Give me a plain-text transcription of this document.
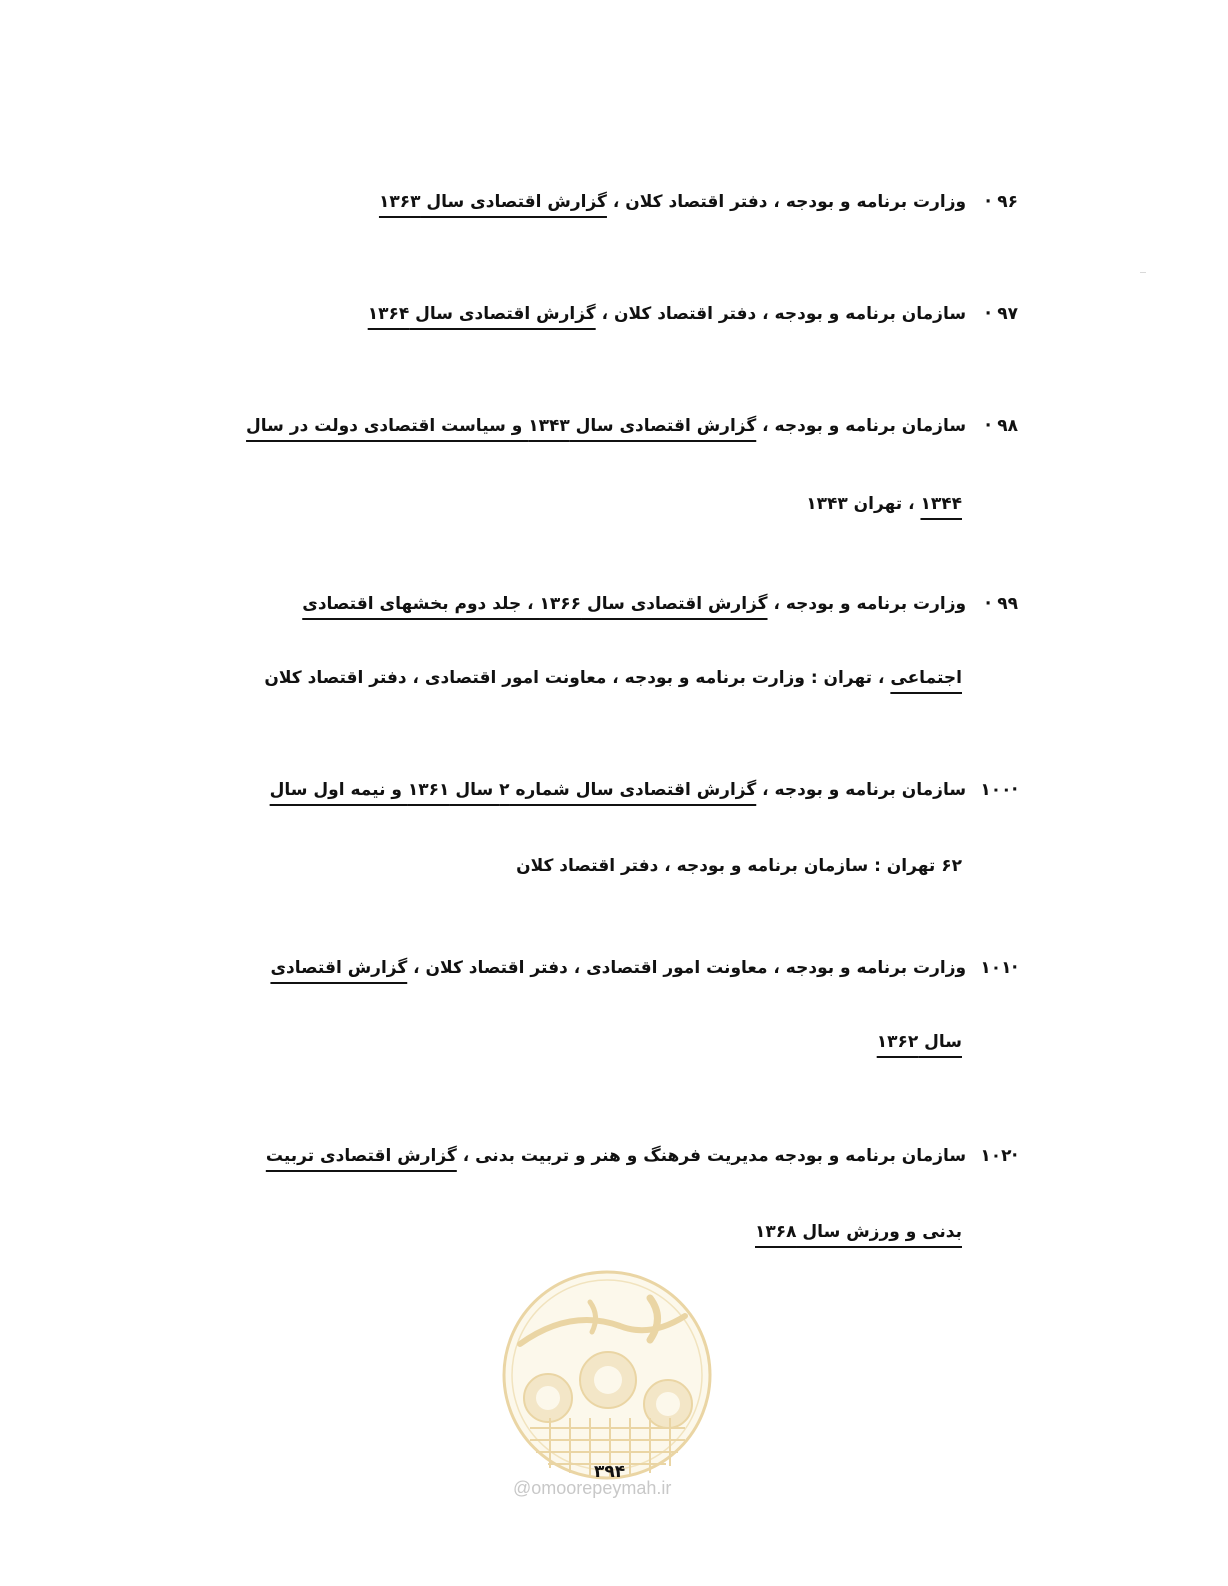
۹۶ · وزارت برنامه و بودجه ، دفتر اقتصاد کلان ، گزارش اقتصادی سال ۱۳۶۳
۹۷ · سازمان برنامه و بودجه ، دفتر اقتصاد کلان ، گزارش اقتصادی سال ۱۳۶۴
۹۸ · سازمان برنامه و بودجه ، گزارش اقتصادی سال ۱۳۴۳ و سیاست اقتصادی دولت در سال
۱۳۴۴ ، تهران ۱۳۴۳
۹۹ · وزارت برنامه و بودجه ، گزارش اقتصادی سال ۱۳۶۶ ، جلد دوم بخشهای اقتصادی
اجتماعی ، تهران : وزارت برنامه و بودجه ، معاونت امور اقتصادی ، دفتر اقتصاد کلان
·۱۰۰ سازمان برنامه و بودجه ، گزارش اقتصادی سال شماره ۲ سال ۱۳۶۱ و نیمه اول سال
۶۲ تهران : سازمان برنامه و بودجه ، دفتر اقتصاد کلان
·۱۰۱ وزارت برنامه و بودجه ، معاونت امور اقتصادی ، دفتر اقتصاد کلان ، گزارش اقتصادی
سال ۱۳۶۲
·۱۰۲ سازمان برنامه و بودجه مدیریت فرهنگ و هنر و تربیت بدنی ، گزارش اقتصادی تربیت
بدنی و ورزش سال ۱۳۶۸
۳۹۴
@omoorepeymah.ir
